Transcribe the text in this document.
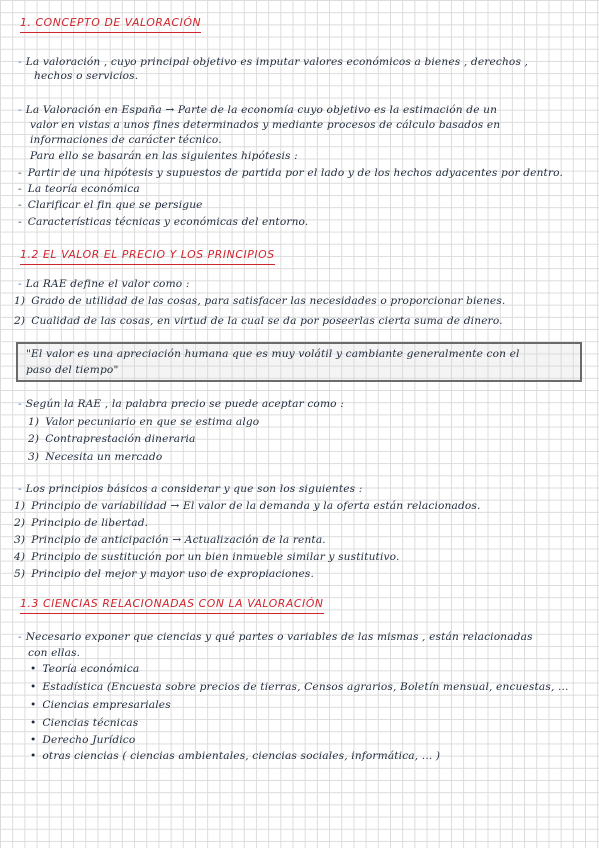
1. CONCEPTO DE VALORACIÓN
- La valoración , cuyo principal objetivo es imputar valores económicos a bienes , derechos ,
hechos o servicios.
- La Valoración en España → Parte de la economía cuyo objetivo es la estimación de un
valor en vistas a unos fines determinados y mediante procesos de cálculo basados en
informaciones de carácter técnico.
Para ello se basarán en las siguientes hipótesis :
- Partir de una hipótesis y supuestos de partida por el lado y de los hechos adyacentes por dentro.
- La teoría económica
- Clarificar el fin que se persigue
- Características técnicas y económicas del entorno.
1.2 EL VALOR EL PRECIO Y LOS PRINCIPIOS
- La RAE define el valor como :
1) Grado de utilidad de las cosas, para satisfacer las necesidades o proporcionar bienes.
2) Cualidad de las cosas, en virtud de la cual se da por poseerlas cierta suma de dinero.
"El valor es una apreciación humana que es muy volátil y cambiante generalmente con el
paso del tiempo"
- Según la RAE , la palabra precio se puede aceptar como :
1) Valor pecuniario en que se estima algo
2) Contraprestación dineraria
3) Necesita un mercado
- Los principios básicos a considerar y que son los siguientes :
1) Principio de variabilidad → El valor de la demanda y la oferta están relacionados.
2) Principio de libertad.
3) Principio de anticipación → Actualización de la renta.
4) Principio de sustitución por un bien inmueble similar y sustitutivo.
5) Principio del mejor y mayor uso de expropiaciones.
1.3 CIENCIAS RELACIONADAS CON LA VALORACIÓN
- Necesario exponer que ciencias y qué partes o variables de las mismas , están relacionadas
con ellas.
• Teoría económica
• Estadística (Encuesta sobre precios de tierras, Censos agrarios, Boletín mensual, encuestas, ...
• Ciencias empresariales
• Ciencias técnicas
• Derecho Jurídico
• otras ciencias ( ciencias ambientales, ciencias sociales, informática, ... )
